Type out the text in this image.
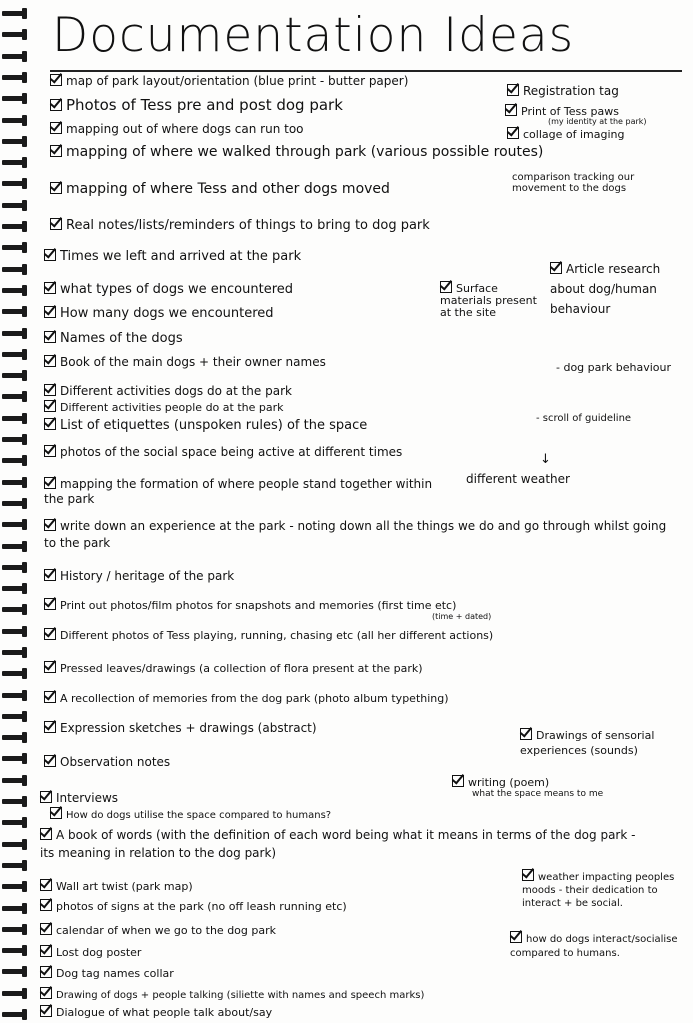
Documentation Ideas
map of park layout/orientation (blue print - butter paper)
Photos of Tess pre and post dog park
mapping out of where dogs can run too
mapping of where we walked through park (various possible routes)
mapping of where Tess and other dogs moved
Real notes/lists/reminders of things to bring to dog park
Times we left and arrived at the park
what types of dogs we encountered
How many dogs we encountered
Names of the dogs
Book of the main dogs + their owner names
Different activities dogs do at the park
Different activities people do at the park
List of etiquettes (unspoken rules) of the space
photos of the social space being active at different times
mapping the formation of where people stand together within the park
write down an experience at the park - noting down all the things we do and go through whilst going to the park
History / heritage of the park
Print out photos/film photos for snapshots and memories (first time etc)
Different photos of Tess playing, running, chasing etc (all her different actions)
Pressed leaves/drawings (a collection of flora present at the park)
A recollection of memories from the dog park (photo album typething)
Expression sketches + drawings (abstract)
Observation notes
Interviews
How do dogs utilise the space compared to humans?
A book of words (with the definition of each word being what it means in terms of the dog park - its meaning in relation to the dog park)
Wall art twist (park map)
photos of signs at the park (no off leash running etc)
calendar of when we go to the dog park
Lost dog poster
Dog tag names collar
Drawing of dogs + people talking (siliette with names and speech marks)
Dialogue of what people talk about/say
Registration tag
Print of Tess paws
(my identity at the park)
collage of imaging
comparison tracking our movement to the dogs
Surface materials present at the site
Article research about dog/human behaviour
- dog park behaviour
- scroll of guideline
↓
different weather
(time + dated)
Drawings of sensorial experiences (sounds)
writing (poem)
what the space means to me
weather impacting peoples moods - their dedication to interact + be social.
how do dogs interact/socialise compared to humans.
